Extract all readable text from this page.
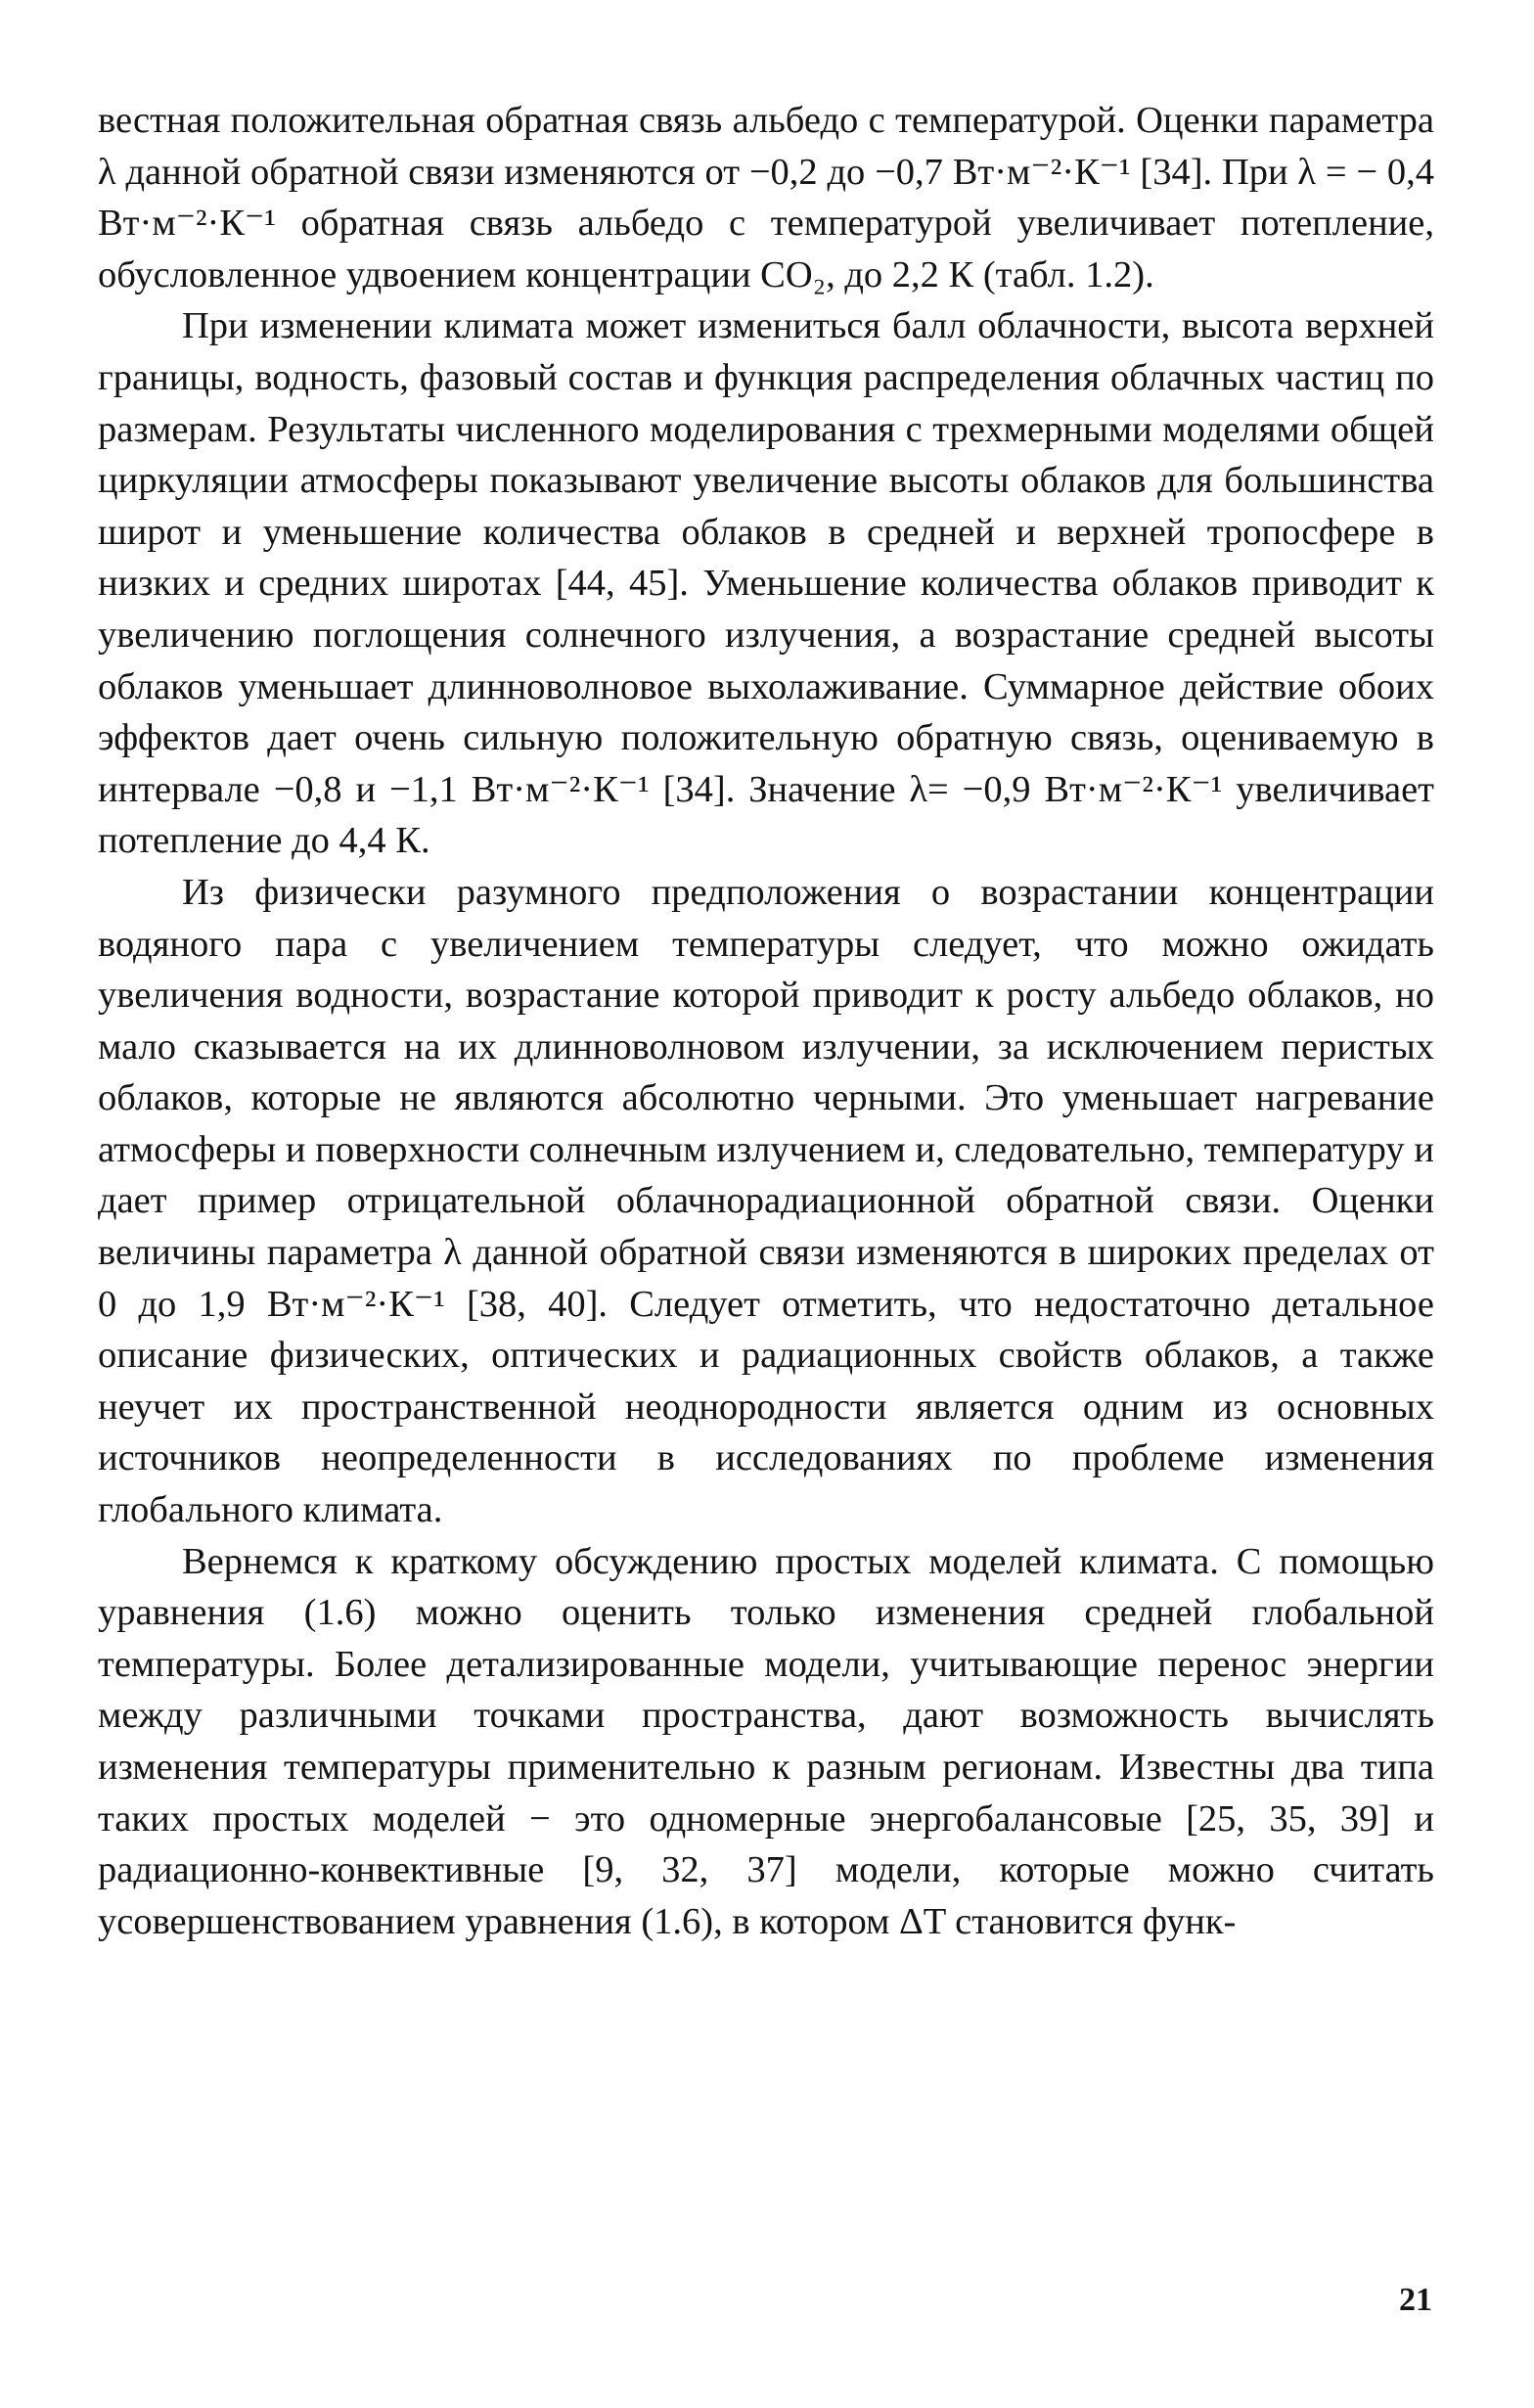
вестная положительная обратная связь альбедо с температурой. Оценки параметра λ данной обратной связи изменяются от −0,2 до −0,7 Вт·м⁻²·К⁻¹ [34]. При λ = − 0,4 Вт·м⁻²·К⁻¹ обратная связь альбедо с температурой увеличивает потепление, обусловленное удвоением концентрации CO₂, до 2,2 К (табл. 1.2).

При изменении климата может измениться балл облачности, высота верхней границы, водность, фазовый состав и функция распределения облачных частиц по размерам. Результаты численного моделирования с трехмерными моделями общей циркуляции атмосферы показывают увеличение высоты облаков для большинства широт и уменьшение количества облаков в средней и верхней тропосфере в низких и средних широтах [44, 45]. Уменьшение количества облаков приводит к увеличению поглощения солнечного излучения, а возрастание средней высоты облаков уменьшает длинноволновое выхолаживание. Суммарное действие обоих эффектов дает очень сильную положительную обратную связь, оцениваемую в интервале −0,8 и −1,1 Вт·м⁻²·К⁻¹ [34]. Значение λ= −0,9 Вт·м⁻²·К⁻¹ увеличивает потепление до 4,4 К.

Из физически разумного предположения о возрастании концентрации водяного пара с увеличением температуры следует, что можно ожидать увеличения водности, возрастание которой приводит к росту альбедо облаков, но мало сказывается на их длинноволновом излучении, за исключением перистых облаков, которые не являются абсолютно черными. Это уменьшает нагревание атмосферы и поверхности солнечным излучением и, следовательно, температуру и дает пример отрицательной облачнорадиационной обратной связи. Оценки величины параметра λ данной обратной связи изменяются в широких пределах от 0 до 1,9 Вт·м⁻²·К⁻¹ [38, 40]. Следует отметить, что недостаточно детальное описание физических, оптических и радиационных свойств облаков, а также неучет их пространственной неоднородности является одним из основных источников неопределенности в исследованиях по проблеме изменения глобального климата.

Вернемся к краткому обсуждению простых моделей климата. С помощью уравнения (1.6) можно оценить только изменения средней глобальной температуры. Более детализированные модели, учитывающие перенос энергии между различными точками пространства, дают возможность вычислять изменения температуры применительно к разным регионам. Известны два типа таких простых моделей − это одномерные энергобалансовые [25, 35, 39] и радиационно-конвективные [9, 32, 37] модели, которые можно считать усовершенствованием уравнения (1.6), в котором ΔT становится функ-

21
